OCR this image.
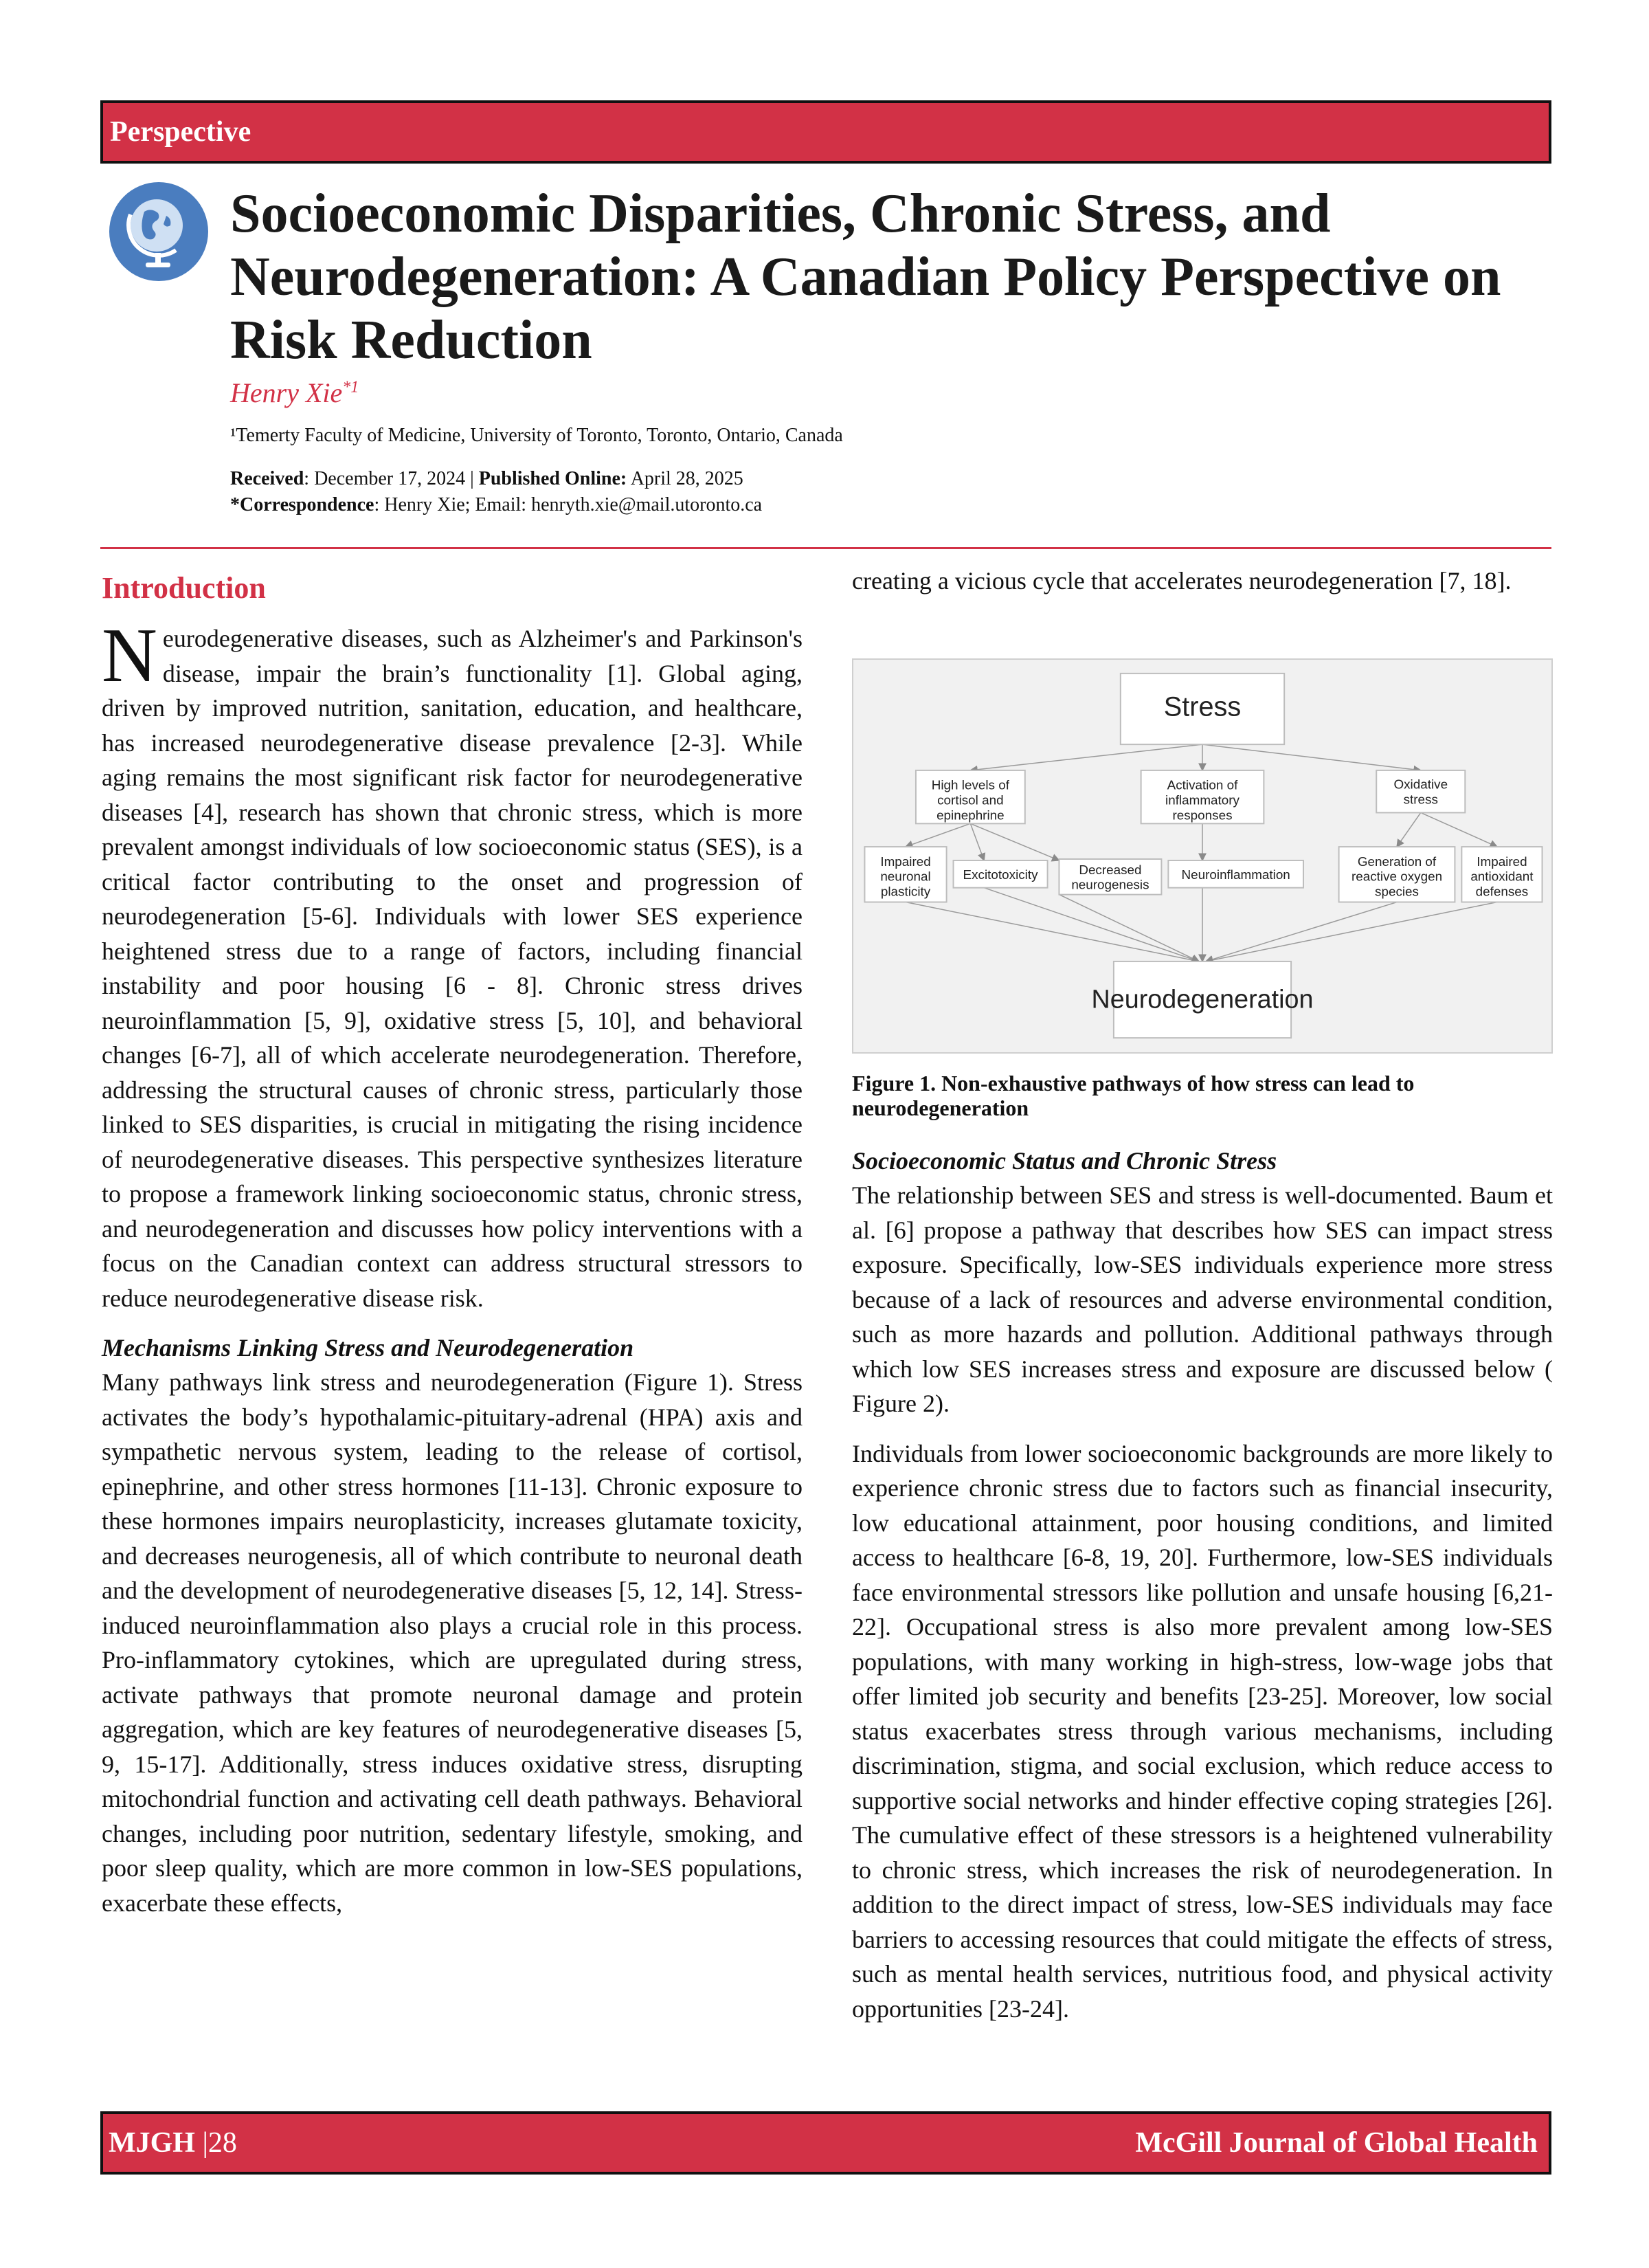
Perspective
Socioeconomic Disparities, Chronic Stress, and Neurodegeneration: A Canadian Policy Perspective on Risk Reduction
Henry Xie$^{*1}$
¹Temerty Faculty of Medicine, University of Toronto, Toronto, Ontario, Canada
Received: December 17, 2024 | Published Online: April 28, 2025
*Correspondence: Henry Xie; Email: henryth.xie@mail.utoronto.ca
Introduction

Neurodegenerative diseases, such as Alzheimer's and Parkinson's disease, impair the brain’s functionality [1]. Global aging, driven by improved nutrition, sanitation, education, and healthcare, has increased neurodegenerative disease prevalence [2-3]. While aging remains the most significant risk factor for neurodegenerative diseases [4], research has shown that chronic stress, which is more prevalent amongst individuals of low socioeconomic status (SES), is a critical factor contributing to the onset and progression of neurodegeneration [5-6]. Individuals with lower SES experience heightened stress due to a range of factors, including financial instability and poor housing [6 - 8]. Chronic stress drives neuroinflammation [5, 9], oxidative stress [5, 10], and behavioral changes [6-7], all of which accelerate neurodegeneration. Therefore, addressing the structural causes of chronic stress, particularly those linked to SES disparities, is crucial in mitigating the rising incidence of neurodegenerative diseases. This perspective synthesizes literature to propose a framework linking socioeconomic status, chronic stress, and neurodegeneration and discusses how policy interventions with a focus on the Canadian context can address structural stressors to reduce neurodegenerative disease risk.

Mechanisms Linking Stress and Neurodegeneration

Many pathways link stress and neurodegeneration (Figure 1). Stress activates the body’s hypothalamic-pituitary-adrenal (HPA) axis and sympathetic nervous system, leading to the release of cortisol, epinephrine, and other stress hormones [11-13]. Chronic exposure to these hormones impairs neuroplasticity, increases glutamate toxicity, and decreases neurogenesis, all of which contribute to neuronal death and the development of neurodegenerative diseases [5, 12, 14]. Stress-induced neuroinflammation also plays a crucial role in this process. Pro-inflammatory cytokines, which are upregulated during stress, activate pathways that promote neuronal damage and protein aggregation, which are key features of neurodegenerative diseases [5, 9, 15-17]. Additionally, stress induces oxidative stress, disrupting mitochondrial function and activating cell death pathways. Behavioral changes, including poor nutrition, sedentary lifestyle, smoking, and poor sleep quality, which are more common in low-SES populations, exacerbate these effects,

creating a vicious cycle that accelerates neurodegeneration [7, 18].

Stress
High levels of cortisol and epinephrine
Activation of inflammatory responses
Oxidative stress
Impaired neuronal plasticity
Excitotoxicity	Decreased neurogenesis
Neuroinflammation
Generation of reactive oxygen species
Impaired antioxidant defenses
Neurodegeneration
Figure 1. Non-exhaustive pathways of how stress can lead to neurodegeneration
Socioeconomic Status and Chronic Stress

The relationship between SES and stress is well-documented. Baum et al. [6] propose a pathway that describes how SES can impact stress exposure. Specifically, low-SES individuals experience more stress because of a lack of resources and adverse environmental condition, such as more hazards and pollution. Additional pathways through which low SES increases stress and exposure are discussed below ( Figure 2).

Individuals from lower socioeconomic backgrounds are more likely to experience chronic stress due to factors such as financial insecurity, low educational attainment, poor housing conditions, and limited access to healthcare [6-8, 19, 20]. Furthermore, low-SES individuals face environmental stressors like pollution and unsafe housing [6,21-22]. Occupational stress is also more prevalent among low-SES populations, with many working in high-stress, low-wage jobs that offer limited job security and benefits [23-25]. Moreover, low social status exacerbates stress through various mechanisms, including discrimination, stigma, and social exclusion, which reduce access to supportive social networks and hinder effective coping strategies [26]. The cumulative effect of these stressors is a heightened vulnerability to chronic stress, which increases the risk of neurodegeneration. In addition to the direct impact of stress, low-SES individuals may face barriers to accessing resources that could mitigate the effects of stress, such as mental health services, nutritious food, and physical activity opportunities [23-24].

MJGH |28	McGill Journal of Global Health
